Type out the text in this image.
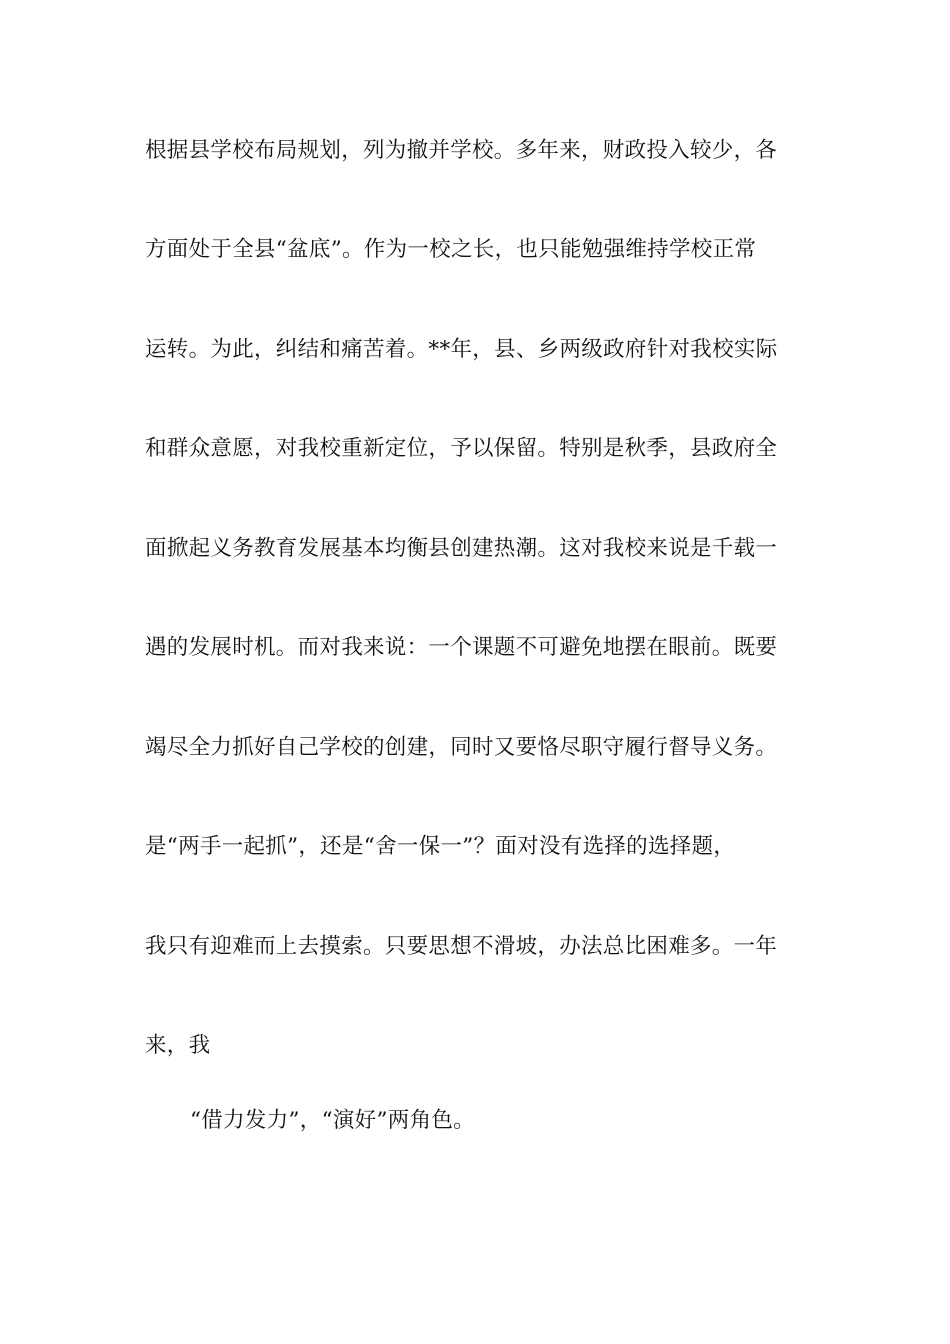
根据县学校布局规划，列为撤并学校。多年来，财政投入较少，各
方面处于全县“盆底”。作为一校之长，也只能勉强维持学校正常
运转。为此，纠结和痛苦着。**年，县、乡两级政府针对我校实际
和群众意愿，对我校重新定位，予以保留。特别是秋季，县政府全
面掀起义务教育发展基本均衡县创建热潮。这对我校来说是千载一
遇的发展时机。而对我来说：一个课题不可避免地摆在眼前。既要
竭尽全力抓好自己学校的创建，同时又要恪尽职守履行督导义务。
是“两手一起抓”，还是“舍一保一”？面对没有选择的选择题，
我只有迎难而上去摸索。只要思想不滑坡，办法总比困难多。一年
来，我
“借力发力”，“演好”两角色。
